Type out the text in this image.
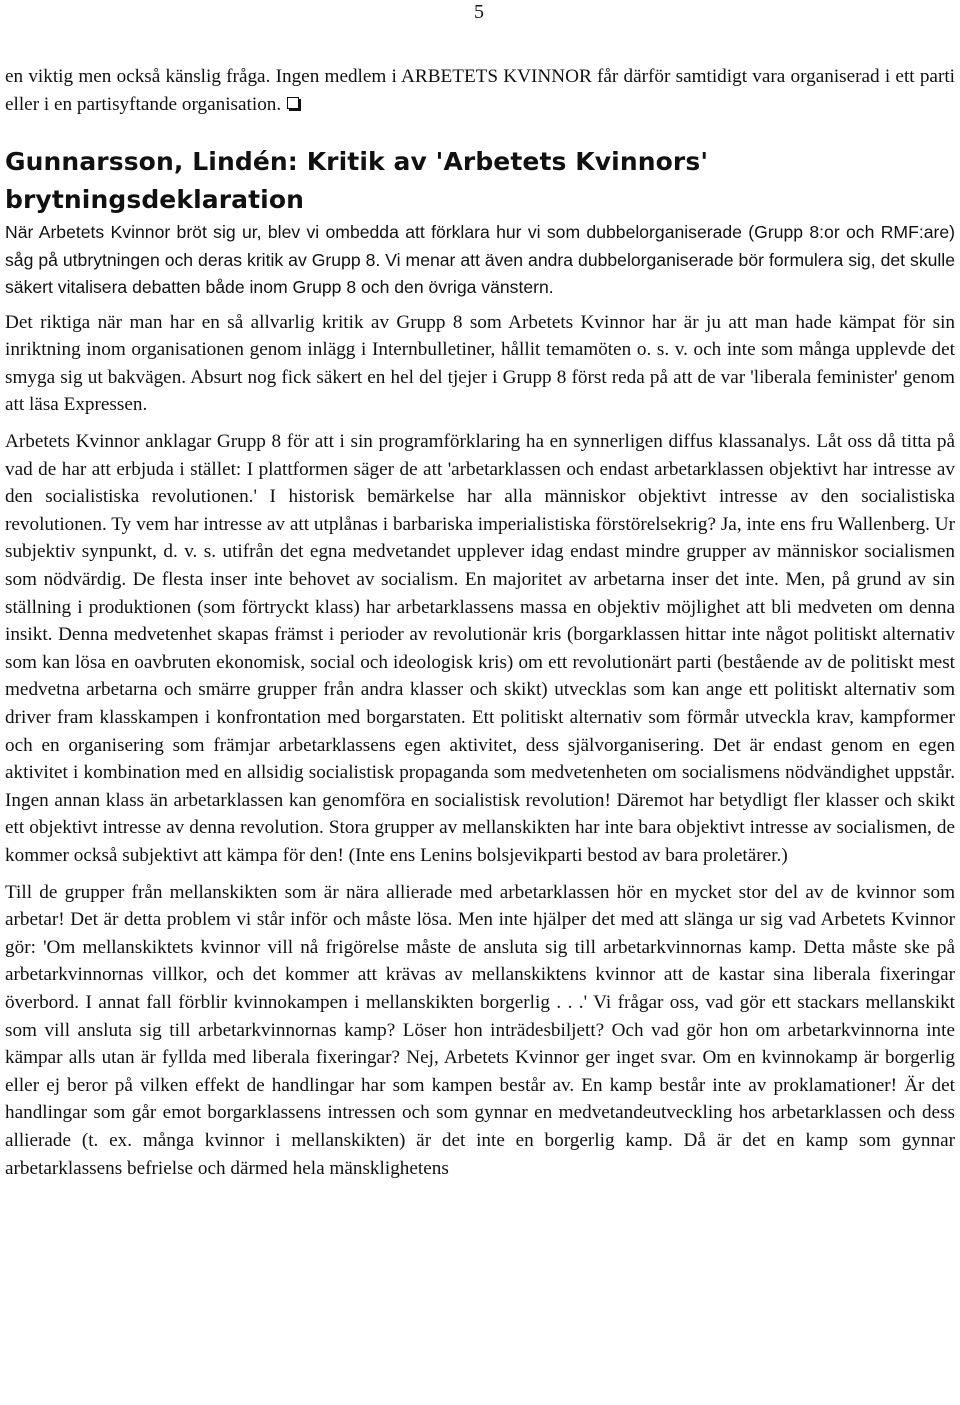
5

en viktig men också känslig fråga. Ingen medlem i ARBETETS KVINNOR får därför samtidigt vara organiserad i ett parti eller i en partisyftande organisation.

Gunnarsson, Lindén: Kritik av 'Arbetets Kvinnors' brytningsdeklaration

När Arbetets Kvinnor bröt sig ur, blev vi ombedda att förklara hur vi som dubbelorganiserade (Grupp 8:or och RMF:are) såg på utbrytningen och deras kritik av Grupp 8. Vi menar att även andra dubbelorganiserade bör formulera sig, det skulle säkert vitalisera debatten både inom Grupp 8 och den övriga vänstern.

Det riktiga när man har en så allvarlig kritik av Grupp 8 som Arbetets Kvinnor har är ju att man hade kämpat för sin inriktning inom organisationen genom inlägg i Internbulletiner, hållit temamöten o. s. v. och inte som många upplevde det smyga sig ut bakvägen. Absurt nog fick säkert en hel del tjejer i Grupp 8 först reda på att de var 'liberala feminister' genom att läsa Expressen.

Arbetets Kvinnor anklagar Grupp 8 för att i sin programförklaring ha en synnerligen diffus klassanalys. Låt oss då titta på vad de har att erbjuda i stället: I plattformen säger de att 'arbetarklassen och endast arbetarklassen objektivt har intresse av den socialistiska revolutionen.' I historisk bemärkelse har alla människor objektivt intresse av den socialistiska revolutionen. Ty vem har intresse av att utplånas i barbariska imperialistiska förstörelsekrig? Ja, inte ens fru Wallenberg. Ur subjektiv synpunkt, d. v. s. utifrån det egna medvetandet upplever idag endast mindre grupper av människor socialismen som nödvärdig. De flesta inser inte behovet av socialism. En majoritet av arbetarna inser det inte. Men, på grund av sin ställning i produktionen (som förtryckt klass) har arbetarklassens massa en objektiv möjlighet att bli medveten om denna insikt. Denna medvetenhet skapas främst i perioder av revolutionär kris (borgarklassen hittar inte något politiskt alternativ som kan lösa en oavbruten ekonomisk, social och ideologisk kris) om ett revolutionärt parti (bestående av de politiskt mest medvetna arbetarna och smärre grupper från andra klasser och skikt) utvecklas som kan ange ett politiskt alternativ som driver fram klasskampen i konfrontation med borgarstaten. Ett politiskt alternativ som förmår utveckla krav, kampformer och en organisering som främjar arbetarklassens egen aktivitet, dess självorganisering. Det är endast genom en egen aktivitet i kombination med en allsidig socialistisk propaganda som medvetenheten om socialismens nödvändighet uppstår. Ingen annan klass än arbetarklassen kan genomföra en socialistisk revolution! Däremot har betydligt fler klasser och skikt ett objektivt intresse av denna revolution. Stora grupper av mellanskikten har inte bara objektivt intresse av socialismen, de kommer också subjektivt att kämpa för den! (Inte ens Lenins bolsjevikparti bestod av bara proletärer.)

Till de grupper från mellanskikten som är nära allierade med arbetarklassen hör en mycket stor del av de kvinnor som arbetar! Det är detta problem vi står inför och måste lösa. Men inte hjälper det med att slänga ur sig vad Arbetets Kvinnor gör: 'Om mellanskiktets kvinnor vill nå frigörelse måste de ansluta sig till arbetarkvinnornas kamp. Detta måste ske på arbetarkvinnornas villkor, och det kommer att krävas av mellanskiktens kvinnor att de kastar sina liberala fixeringar överbord. I annat fall förblir kvinnokampen i mellanskikten borgerlig . . .' Vi frågar oss, vad gör ett stackars mellanskikt som vill ansluta sig till arbetarkvinnornas kamp? Löser hon inträdesbiljett? Och vad gör hon om arbetarkvinnorna inte kämpar alls utan är fyllda med liberala fixeringar? Nej, Arbetets Kvinnor ger inget svar. Om en kvinnokamp är borgerlig eller ej beror på vilken effekt de handlingar har som kampen består av. En kamp består inte av proklamationer! Är det handlingar som går emot borgarklassens intressen och som gynnar en medvetandeutveckling hos arbetarklassen och dess allierade (t. ex. många kvinnor i mellanskikten) är det inte en borgerlig kamp. Då är det en kamp som gynnar arbetarklassens befrielse och därmed hela mänsklighetens
